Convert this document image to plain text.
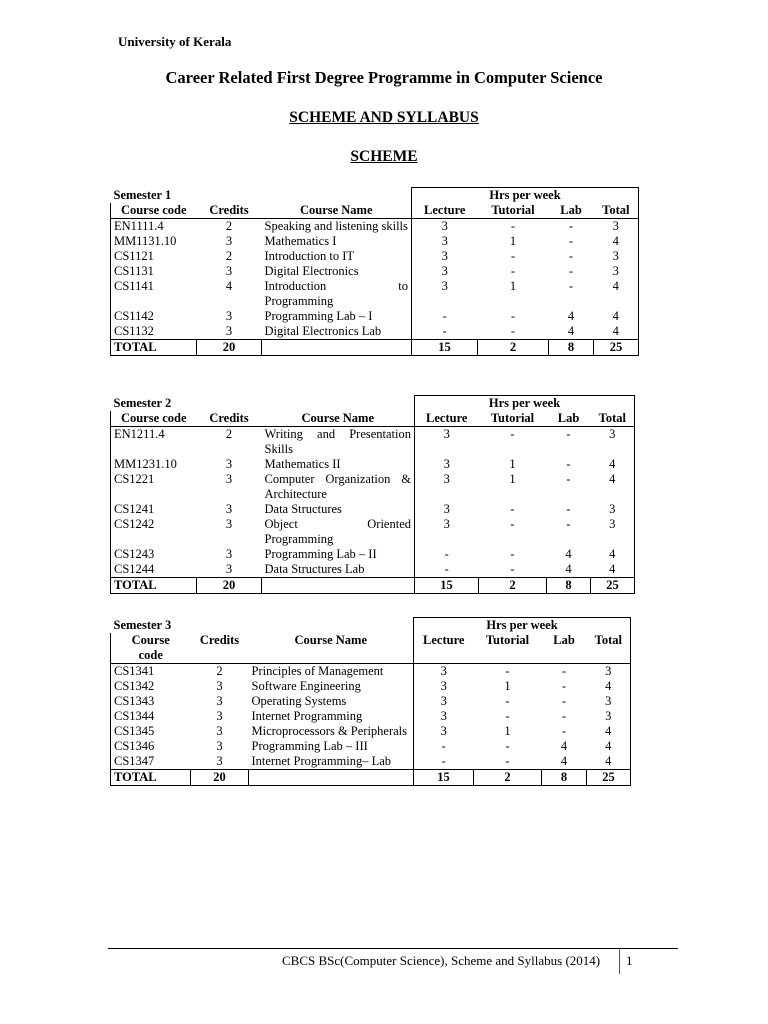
University of Kerala
Career Related First Degree Programme in Computer Science
SCHEME AND SYLLABUS
SCHEME
Semester 1			Hrs per week			
Course code	Credits	Course Name	Lecture	Tutorial	Lab	Total
EN1111.4	2	Speaking and listening skills	3	-	-	3
MM1131.10	3	Mathematics I	3	1	-	4
CS1121	2	Introduction to IT	3	-	-	3
CS1131	3	Digital Electronics	3	-	-	3
CS1141	4	Introduction to Programming	3	1	-	4
CS1142	3	Programming Lab – I	-	-	4	4
CS1132	3	Digital Electronics Lab	-	-	4	4
TOTAL	20		15	2	8	25
Semester 2			Hrs per week			
Course code	Credits	Course Name	Lecture	Tutorial	Lab	Total
EN1211.4	2	Writing and Presentation Skills	3	-	-	3
MM1231.10	3	Mathematics II	3	1	-	4
CS1221	3	Computer Organization & Architecture	3	1	-	4
CS1241	3	Data Structures	3	-	-	3
CS1242	3	Object Oriented Programming	3	-	-	3
CS1243	3	Programming Lab – II	-	-	4	4
CS1244	3	Data Structures Lab	-	-	4	4
TOTAL	20		15	2	8	25
Semester 3			Hrs per week			
Course
code	Credits	Course Name	Lecture	Tutorial	Lab	Total
CS1341	2	Principles of Management	3	-	-	3
CS1342	3	Software Engineering	3	1	-	4
CS1343	3	Operating Systems	3	-	-	3
CS1344	3	Internet Programming	3	-	-	3
CS1345	3	Microprocessors & Peripherals	3	1	-	4
CS1346	3	Programming Lab – III	-	-	4	4
CS1347	3	Internet Programming– Lab	-	-	4	4
TOTAL	20		15	2	8	25
CBCS BSc(Computer Science), Scheme and Syllabus (2014) 1
